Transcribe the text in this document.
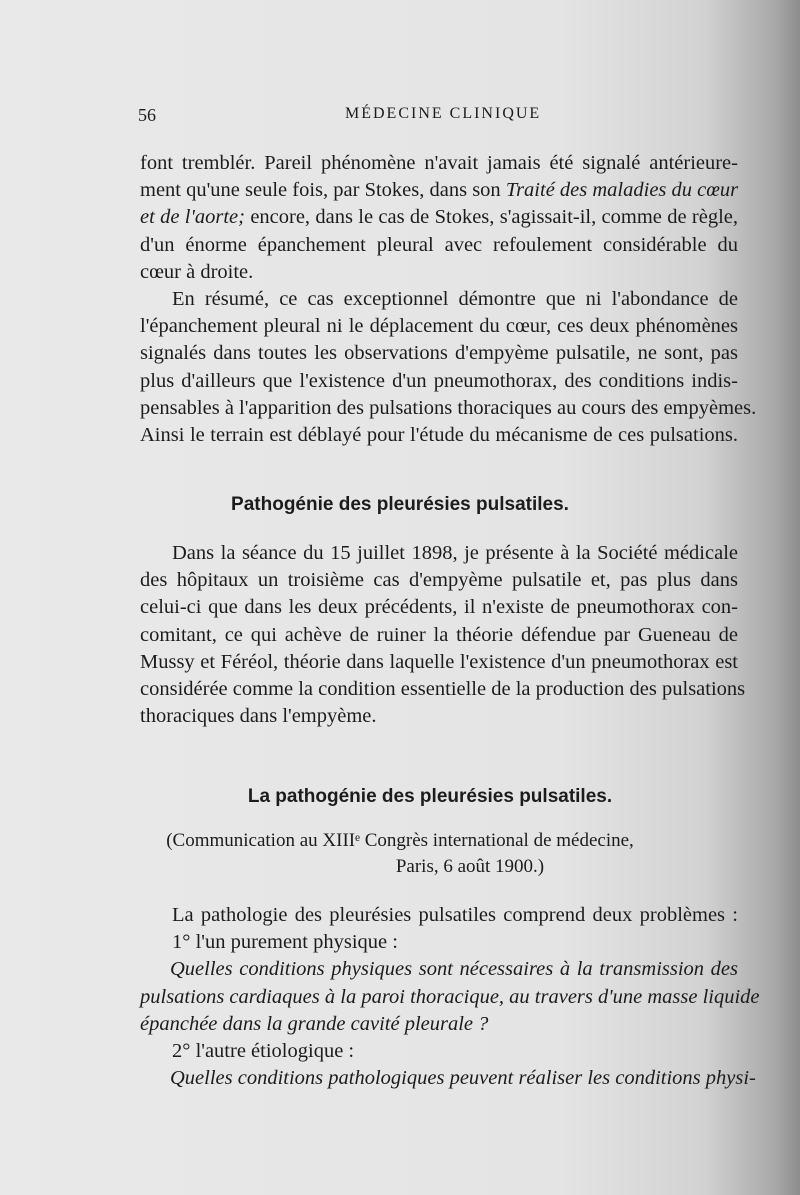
56	MÉDECINE CLINIQUE
font tremblér. Pareil phénomène n'avait jamais été signalé antérieure-
ment qu'une seule fois, par Stokes, dans son Traité des maladies du cœur
et de l'aorte; encore, dans le cas de Stokes, s'agissait-il, comme de règle,
d'un énorme épanchement pleural avec refoulement considérable du
cœur à droite.
En résumé, ce cas exceptionnel démontre que ni l'abondance de
l'épanchement pleural ni le déplacement du cœur, ces deux phénomènes
signalés dans toutes les observations d'empyème pulsatile, ne sont, pas
plus d'ailleurs que l'existence d'un pneumothorax, des conditions indis-
pensables à l'apparition des pulsations thoraciques au cours des empyèmes.
Ainsi le terrain est déblayé pour l'étude du mécanisme de ces pulsations.
Pathogénie des pleurésies pulsatiles.
Dans la séance du 15 juillet 1898, je présente à la Société médicale
des hôpitaux un troisième cas d'empyème pulsatile et, pas plus dans
celui-ci que dans les deux précédents, il n'existe de pneumothorax con-
comitant, ce qui achève de ruiner la théorie défendue par Gueneau de
Mussy et Féréol, théorie dans laquelle l'existence d'un pneumothorax est
considérée comme la condition essentielle de la production des pulsations
thoraciques dans l'empyème.
La pathogénie des pleurésies pulsatiles.
(Communication au XIIIᵉ Congrès international de médecine,
Paris, 6 août 1900.)
La pathologie des pleurésies pulsatiles comprend deux problèmes :
1° l'un purement physique :
Quelles conditions physiques sont nécessaires à la transmission des
pulsations cardiaques à la paroi thoracique, au travers d'une masse liquide
épanchée dans la grande cavité pleurale ?
2° l'autre étiologique :
Quelles conditions pathologiques peuvent réaliser les conditions physi-
